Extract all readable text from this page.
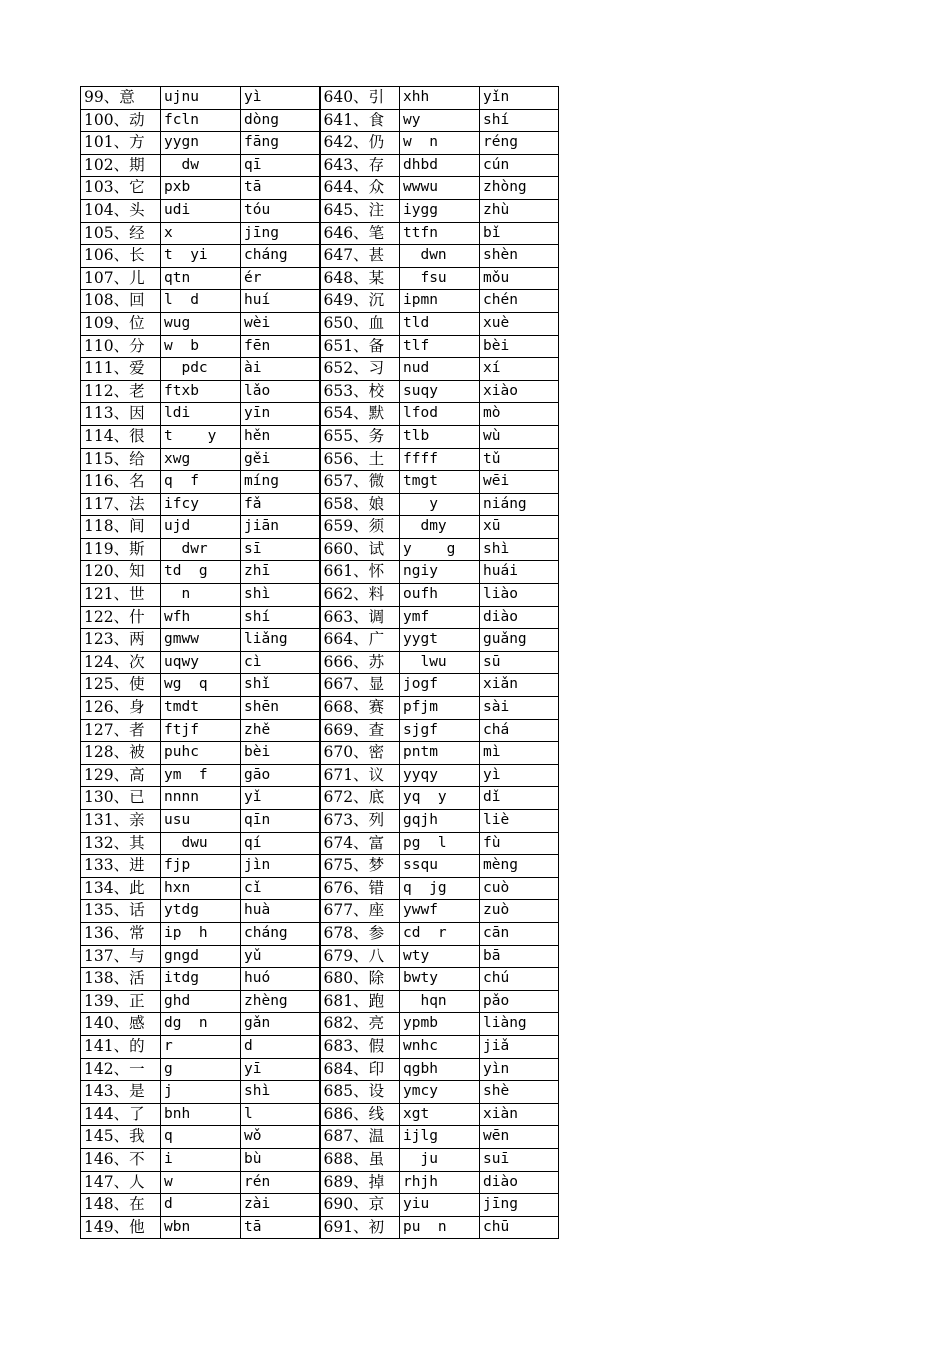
99、意	ujnu	yì	640、引	xhh	yǐn
100、动	fcln	dòng	641、食	wy	shí
101、方	yygn	fāng	642、仍	w  n	réng
102、期	dw	qī	643、存	dhbd	cún
103、它	pxb	tā	644、众	wwwu	zhòng
104、头	udi	tóu	645、注	iygg	zhù
105、经	x	jīng	646、笔	ttfn	bǐ
106、长	t  yi	cháng	647、甚	dwn	shèn
107、儿	qtn	ér	648、某	fsu	mǒu
108、回	l  d	huí	649、沉	ipmn	chén
109、位	wug	wèi	650、血	tld	xuè
110、分	w  b	fēn	651、备	tlf	bèi
111、爱	pdc	ài	652、习	nud	xí
112、老	ftxb	lǎo	653、校	suqy	xiào
113、因	ldi	yīn	654、默	lfod	mò
114、很	t    y	hěn	655、务	tlb	wù
115、给	xwg	gěi	656、土	ffff	tǔ
116、名	q  f	míng	657、微	tmgt	wēi
117、法	ifcy	fǎ	658、娘	y	niáng
118、间	ujd	jiān	659、须	dmy	xū
119、斯	dwr	sī	660、试	y    g	shì
120、知	td  g	zhī	661、怀	ngiy	huái
121、世	n	shì	662、料	oufh	liào
122、什	wfh	shí	663、调	ymf	diào
123、两	gmww	liǎng	664、广	yygt	guǎng
124、次	uqwy	cì	666、苏	lwu	sū
125、使	wg  q	shǐ	667、显	jogf	xiǎn
126、身	tmdt	shēn	668、赛	pfjm	sài
127、者	ftjf	zhě	669、查	sjgf	chá
128、被	puhc	bèi	670、密	pntm	mì
129、高	ym  f	gāo	671、议	yyqy	yì
130、已	nnnn	yǐ	672、底	yq  y	dǐ
131、亲	usu	qīn	673、列	gqjh	liè
132、其	dwu	qí	674、富	pg  l	fù
133、进	fjp	jìn	675、梦	ssqu	mèng
134、此	hxn	cǐ	676、错	q  jg	cuò
135、话	ytdg	huà	677、座	ywwf	zuò
136、常	ip  h	cháng	678、参	cd  r	cān
137、与	gngd	yǔ	679、八	wty	bā
138、活	itdg	huó	680、除	bwty	chú
139、正	ghd	zhèng	681、跑	hqn	pǎo
140、感	dg  n	gǎn	682、亮	ypmb	liàng
141、的	r	d	683、假	wnhc	jiǎ
142、一	g	yī	684、印	qgbh	yìn
143、是	j	shì	685、设	ymcy	shè
144、了	bnh	l	686、线	xgt	xiàn
145、我	q	wǒ	687、温	ijlg	wēn
146、不	i	bù	688、虽	ju	suī
147、人	w	rén	689、掉	rhjh	diào
148、在	d	zài	690、京	yiu	jīng
149、他	wbn	tā	691、初	pu  n	chū
